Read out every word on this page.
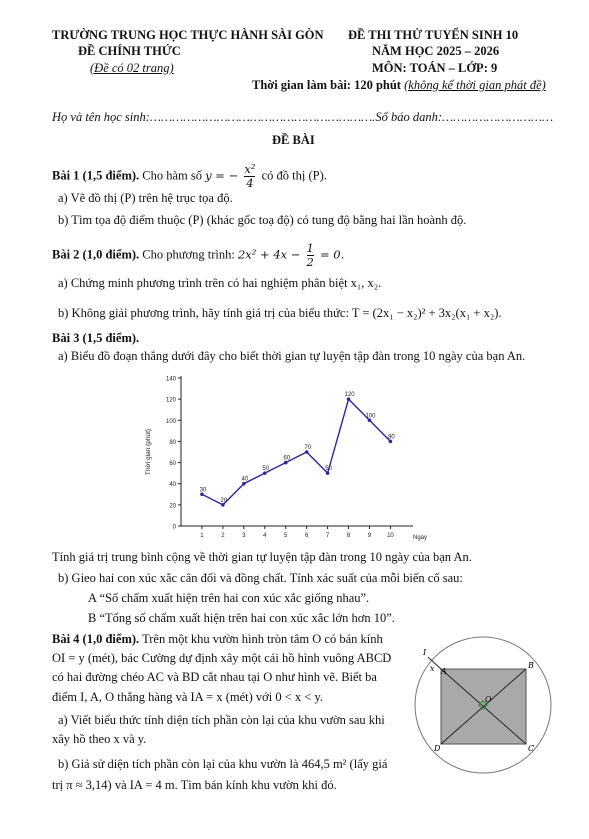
TRƯỜNG TRUNG HỌC THỰC HÀNH SÀI GÒN
ĐỀ CHÍNH THỨC
(Đề có 02 trang)
ĐỀ THI THỬ TUYỂN SINH 10
NĂM HỌC 2025 – 2026
MÔN: TOÁN – LỚP: 9
Thời gian làm bài: 120 phút (không kể thời gian phát đề)
Họ và tên học sinh:…………………………………………………….Số báo danh:…………………………
ĐỀ BÀI
Bài 1 (1,5 điểm). Cho hàm số y = − $\frac{\text{x²}}{4}$ có đồ thị (P).
a) Vẽ đồ thị (P) trên hệ trục tọa độ.
b) Tìm tọa độ điểm thuộc (P) (khác gốc toạ độ) có tung độ bằng hai lần hoành độ.
Bài 2 (1,0 điểm). Cho phương trình: $2x^2 + 4x - \frac{1}{2} = 0$.
a) Chứng minh phương trình trên có hai nghiệm phân biệt x₁, x₂.
b) Không giải phương trình, hãy tính giá trị của biểu thức: T = (2x₁ − x₂)² + 3x₂(x₁ + x₂).
Bài 3 (1,5 điểm).
a) Biểu đồ đoạn thẳng dưới đây cho biết thời gian tự luyện tập đàn trong 10 ngày của bạn An.
0
20
40
60
80
100
120
140
1	2	3	4	5	6	7	8	9	10
Thời gian (phút)
Ngày
30
20
40
50
60
70
50
120
100
80
Tính giá trị trung bình cộng về thời gian tự luyện tập đàn trong 10 ngày của bạn An.
b) Gieo hai con xúc xắc cân đối và đồng chất. Tính xác suất của mỗi biến cố sau:
A “Số chấm xuất hiện trên hai con xúc xắc giống nhau”.
B “Tổng số chấm xuất hiện trên hai con xúc xắc lớn hơn 10”.
Bài 4 (1,0 điểm). Trên một khu vườn hình tròn tâm O có bán kính
OI = y (mét), bác Cường dự định xây một cái hồ hình vuông ABCD
có hai đường chéo AC và BD cắt nhau tại O như hình vẽ. Biết ba
điểm I, A, O thẳng hàng và IA = x (mét) với 0 < x < y.
a) Viết biểu thức tính diện tích phần còn lại của khu vườn sau khi
xây hồ theo x và y.
b) Giả sử diện tích phần còn lại của khu vườn là 464,5 m² (lấy giá
trị π ≈ 3,14) và IA = 4 m. Tìm bán kính khu vườn khi đó.
I
x A
B
C
D
O
